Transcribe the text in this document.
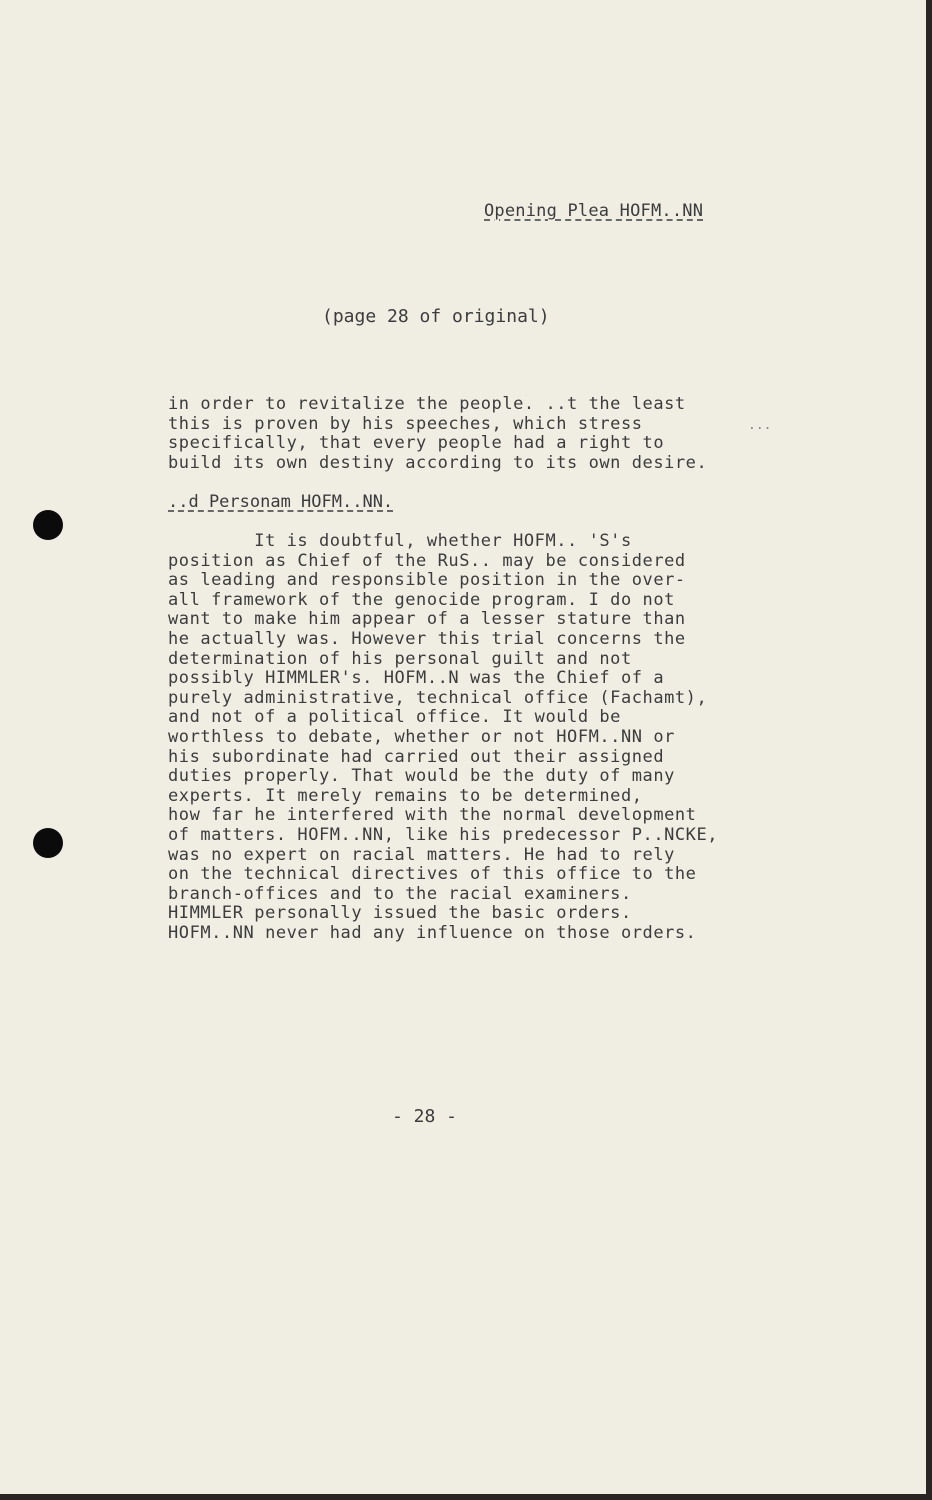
Opening Plea HOFM..NN
(page 28 of original)
in order to revitalize the people. ..t the least
this is proven by his speeches, which stress
specifically, that every people had a right to
build its own destiny according to its own desire.
...
..d Personam HOFM..NN.
It is doubtful, whether HOFM.. 'S's
position as Chief of the RuS.. may be considered
as leading and responsible position in the over-
all framework of the genocide program. I do not
want to make him appear of a lesser stature than
he actually was. However this trial concerns the
determination of his personal guilt and not
possibly HIMMLER's. HOFM..N was the Chief of a
purely administrative, technical office (Fachamt),
and not of a political office. It would be
worthless to debate, whether or not HOFM..NN or
his subordinate had carried out their assigned
duties properly. That would be the duty of many
experts. It merely remains to be determined,
how far he interfered with the normal development
of matters. HOFM..NN, like his predecessor P..NCKE,
was no expert on racial matters. He had to rely
on the technical directives of this office to the
branch-offices and to the racial examiners.
HIMMLER personally issued the basic orders.
HOFM..NN never had any influence on those orders.
- 28 -
